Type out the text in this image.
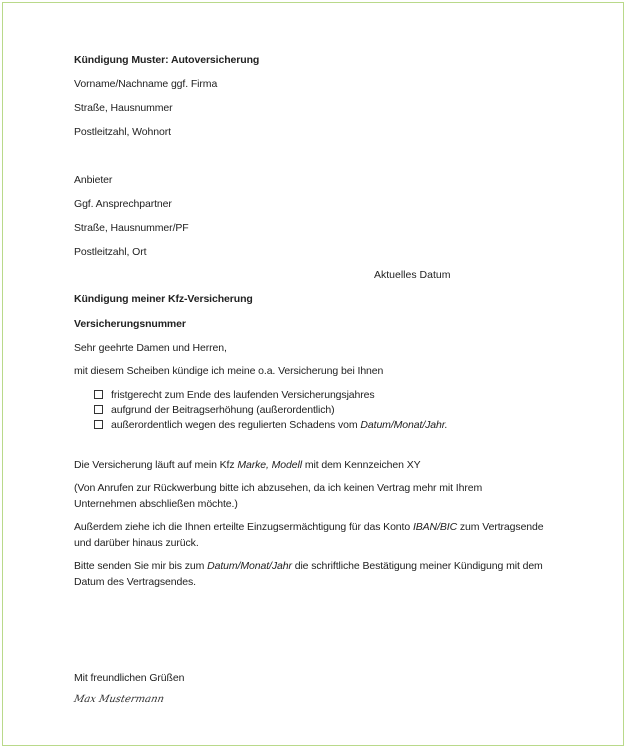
Kündigung Muster: Autoversicherung
Vorname/Nachname ggf. Firma
Straße, Hausnummer
Postleitzahl, Wohnort
Anbieter
Ggf. Ansprechpartner
Straße, Hausnummer/PF
Postleitzahl, Ort
Aktuelles Datum
Kündigung meiner Kfz-Versicherung
Versicherungsnummer
Sehr geehrte Damen und Herren,
mit diesem Scheiben kündige ich meine o.a. Versicherung bei Ihnen
fristgerecht zum Ende des laufenden Versicherungsjahres
aufgrund der Beitragserhöhung (außerordentlich)
außerordentlich wegen des regulierten Schadens vom Datum/Monat/Jahr.
Die Versicherung läuft auf mein Kfz Marke, Modell mit dem Kennzeichen XY
(Von Anrufen zur Rückwerbung bitte ich abzusehen, da ich keinen Vertrag mehr mit Ihrem Unternehmen abschließen möchte.)
Außerdem ziehe ich die Ihnen erteilte Einzugsermächtigung für das Konto IBAN/BIC zum Vertragsende und darüber hinaus zurück.
Bitte senden Sie mir bis zum Datum/Monat/Jahr die schriftliche Bestätigung meiner Kündigung mit dem Datum des Vertragsendes.
Mit freundlichen Grüßen
Max Mustermann
